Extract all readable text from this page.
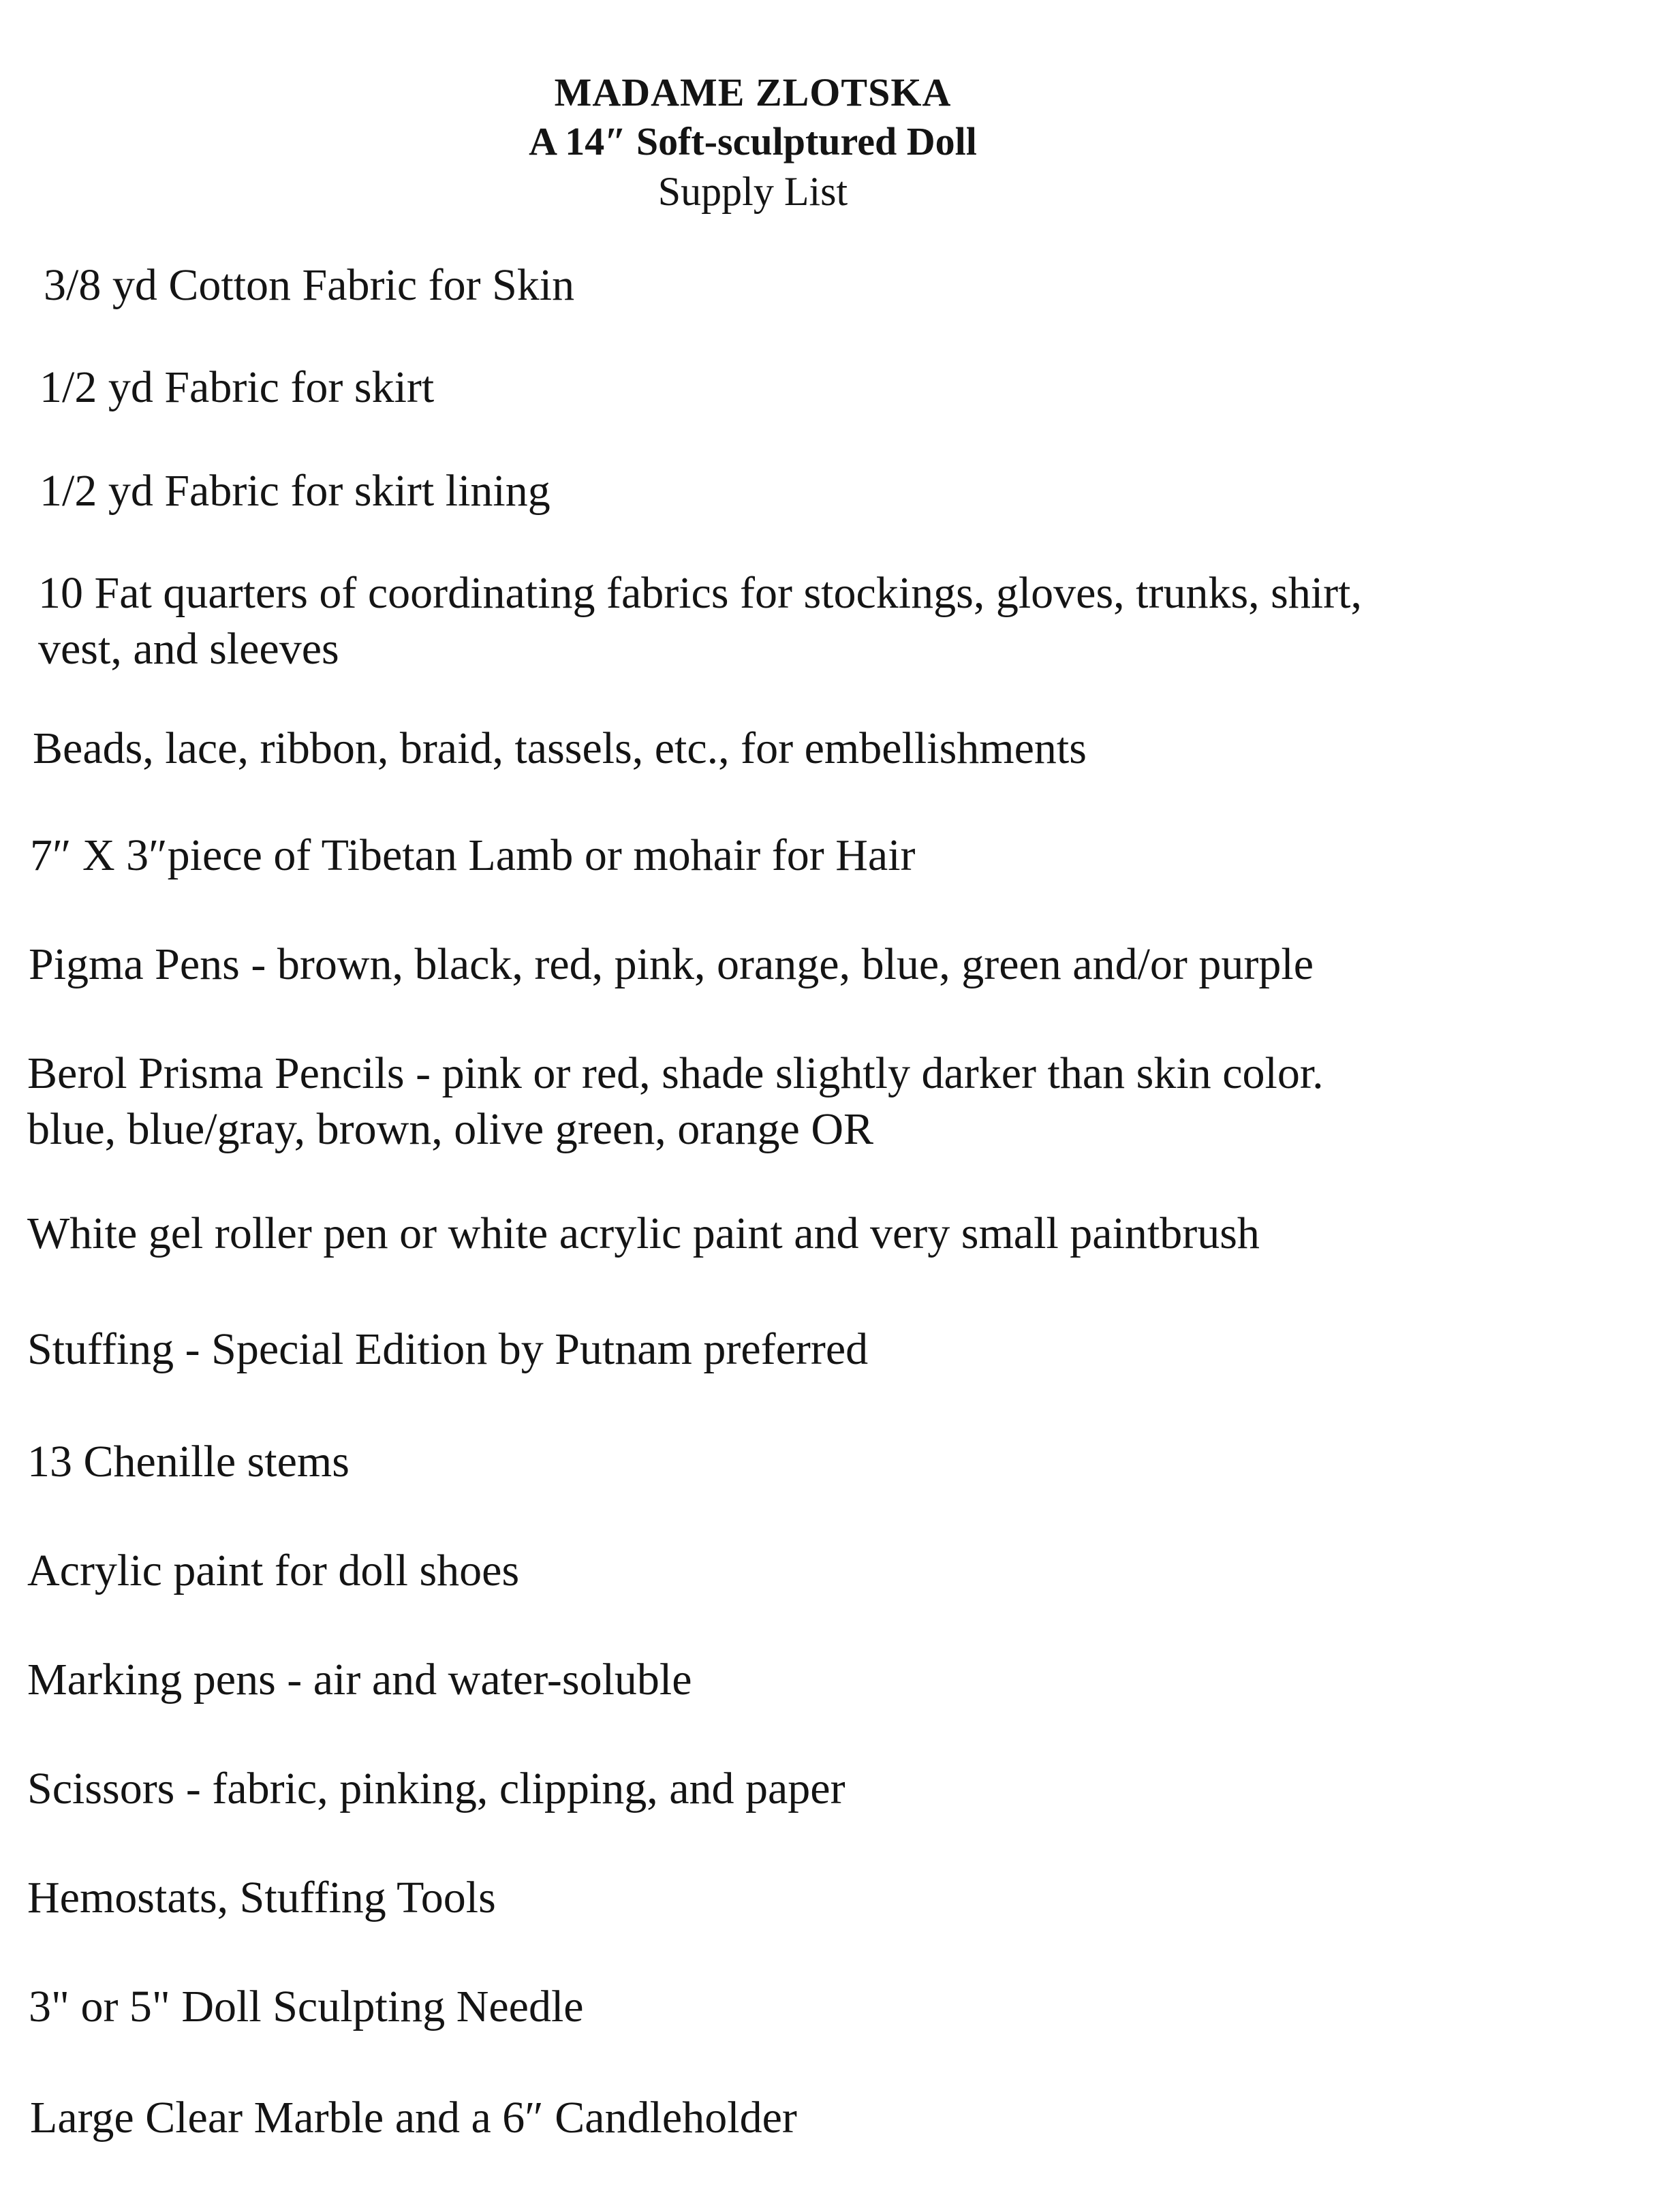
MADAME ZLOTSKA
A 14″ Soft-sculptured Doll
Supply List
3/8 yd Cotton Fabric for Skin
1/2 yd Fabric for skirt
1/2 yd Fabric for skirt lining
10 Fat quarters of coordinating fabrics for stockings, gloves, trunks, shirt,
vest, and sleeves
Beads, lace, ribbon, braid, tassels, etc., for embellishments
7″ X 3″piece of Tibetan Lamb or mohair for Hair
Pigma Pens - brown, black, red, pink, orange, blue, green and/or purple
Berol Prisma Pencils - pink or red, shade slightly darker than skin color.
blue, blue/gray, brown, olive green, orange OR
White gel roller pen or white acrylic paint and very small paintbrush
Stuffing - Special Edition by Putnam preferred
13 Chenille stems
Acrylic paint for doll shoes
Marking pens - air and water-soluble
Scissors - fabric, pinking, clipping, and paper
Hemostats, Stuffing Tools
3" or 5" Doll Sculpting Needle
Large Clear Marble and a 6″ Candleholder
